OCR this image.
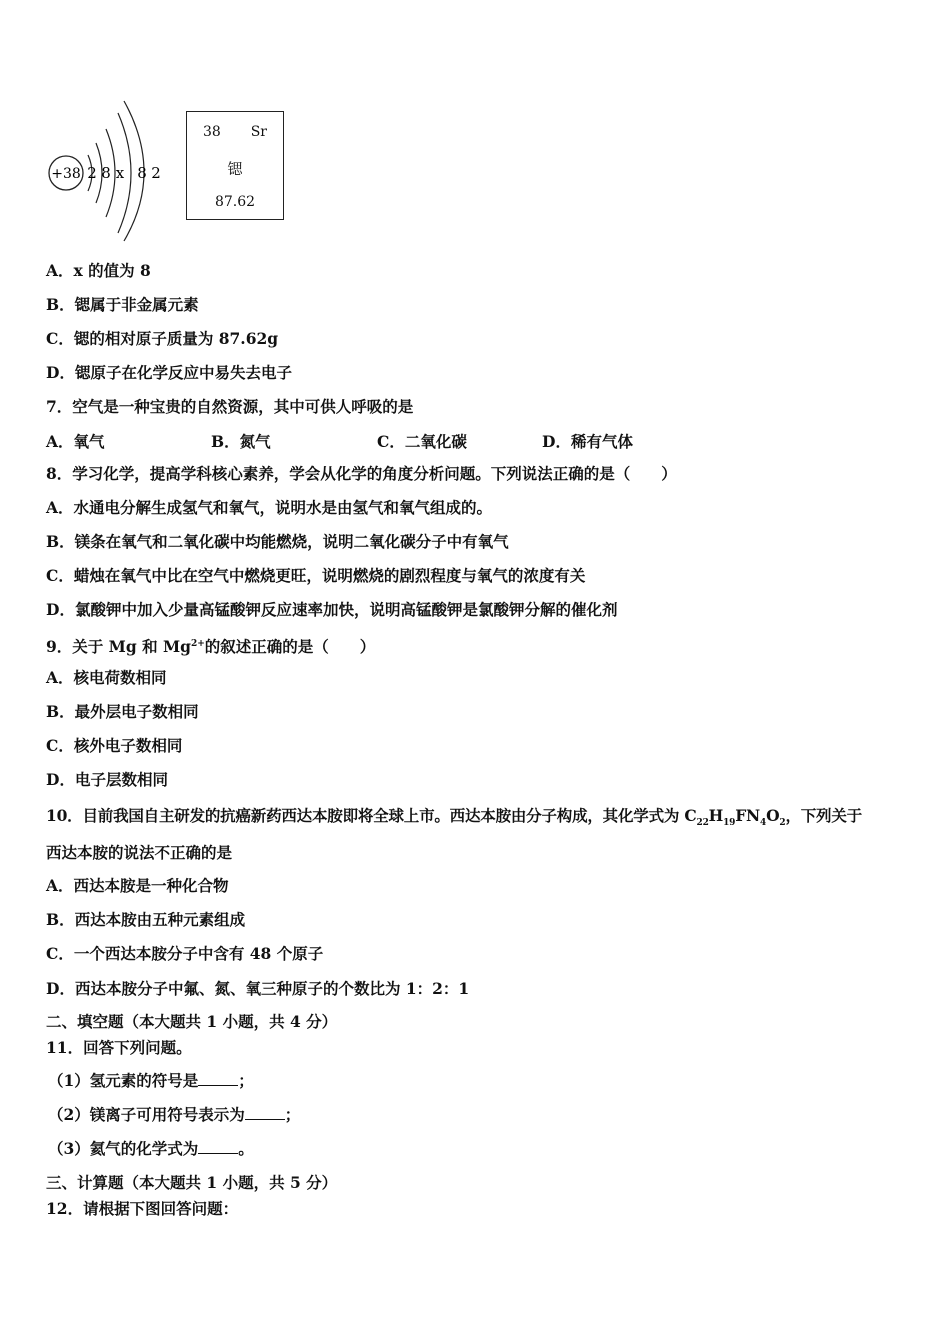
+38 2 8 x 8 2
38 Sr
锶
87.62
A．x 的值为 8
B．锶属于非金属元素
C．锶的相对原子质量为 87.62g
D．锶原子在化学反应中易失去电子
7．空气是一种宝贵的自然资源，其中可供人呼吸的是
A．氧气	B．氮气	C．二氧化碳	D．稀有气体
8．学习化学，提高学科核心素养，学会从化学的角度分析问题。下列说法正确的是（　　）
A．水通电分解生成氢气和氧气，说明水是由氢气和氧气组成的。
B．镁条在氧气和二氧化碳中均能燃烧，说明二氧化碳分子中有氧气
C．蜡烛在氧气中比在空气中燃烧更旺，说明燃烧的剧烈程度与氧气的浓度有关
D．氯酸钾中加入少量高锰酸钾反应速率加快，说明高锰酸钾是氯酸钾分解的催化剂
9．关于 Mg 和 $Mg^{2+}$的叙述正确的是（　　）
A．核电荷数相同
B．最外层电子数相同
C．核外电子数相同
D．电子层数相同
10．目前我国自主研发的抗癌新药西达本胺即将全球上市。西达本胺由分子构成，其化学式为 $C_{22}H_{19}FN_4O_2$，下列关于
西达本胺的说法不正确的是
A．西达本胺是一种化合物
B．西达本胺由五种元素组成
C．一个西达本胺分子中含有 48 个原子
D．西达本胺分子中氟、氮、氧三种原子的个数比为 1：2：1
二、填空题（本大题共 1 小题，共 4 分）
11．回答下列问题。
（1）氢元素的符号是	；
（2）镁离子可用符号表示为	；
（3）氦气的化学式为	。
三、计算题（本大题共 1 小题，共 5 分）
12．请根据下图回答问题：
